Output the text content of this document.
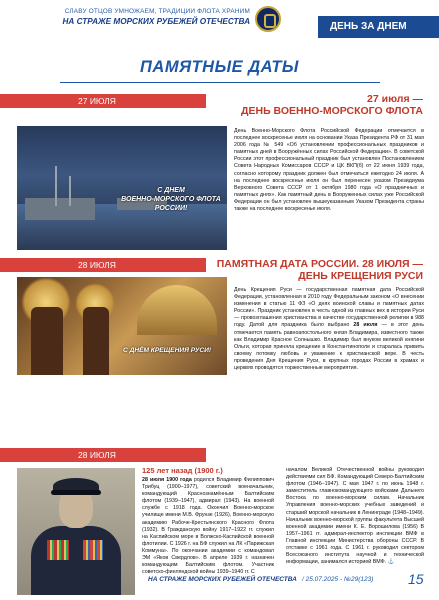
СЛАВУ ОТЦОВ УМНОЖАЕМ, ТРАДИЦИИ ФЛОТА ХРАНИМ
НА СТРАЖЕ МОРСКИХ РУБЕЖЕЙ ОТЕЧЕСТВА	ДЕНЬ ЗА ДНЕМ
ПАМЯТНЫЕ ДАТЫ
27 ИЮЛЯ	27 июля —
ДЕНЬ ВОЕННО-МОРСКОГО ФЛОТА
С ДНЕМ
ВОЕННО-МОРСКОГО ФЛОТА РОССИИ!
День Военно-Морского Флота Российской Федерации отмечается в последнее воскресенье июля на основании Указа Президента РФ от 31 мая 2006 года № 549 «Об установлении профессиональных праздников и памятных дней в Вооружённых силах Российской Федерации». В советской России этот профессиональный праздник был установлен Постановлением Совета Народных Комиссаров СССР и ЦК ВКП(б) от 22 июня 1939 года, согласно которому праздник должен был отмечаться ежегодно 24 июля. А на последнее воскресенье июля он был перенесен указом Президиума Верховного Совета СССР от 1 октября 1980 года «О праздничных и памятных днях». Как памятный день в Вооруженных силах уже Российской Федерации он был установлен вышеуказанным Указом Президента страны также на последнее воскресенье июля.
28 ИЮЛЯ	ПАМЯТНАЯ ДАТА РОССИИ. 28 ИЮЛЯ —
ДЕНЬ КРЕЩЕНИЯ РУСИ
С ДНЁМ КРЕЩЕНИЯ РУСИ!
День Крещения Руси — государственная памятная дата Российской Федерации, установленная в 2010 году Федеральным законом «О внесении изменения в статью 11 ФЗ «О днях воинской славы и памятных датах России». Праздник установлен в честь одной из главных вех в истории Руси — провозглашения христианства в качестве государственной религии в 988 году. Датой для праздника было выбрано 28 июля — в этот день отмечается память равноапостольного князя Владимира, известного также как Владимир Красное Солнышко. Владимир был внуком великой княгини Ольги, которая приняла крещение в Константинополе и старалась привить своему потомку любовь и уважение к христианской вере. В честь проведения Дня Крещения Руси, в крупных городах России в храмах и церквях проводятся торжественные мероприятия.
28 ИЮЛЯ
125 лет назад (1900 г.)
28 июля 1900 года родился Владимир Филиппович Трибуц (1900–1977), советский военачальник, командующий Краснознамённым Балтийским флотом (1939–1947), адмирал (1943). На военной службе с 1918 года. Окончил Военно-морское училище имени М.В. Фрунзе (1926), Военно-морскую академию Рабоче-Крестьянского Красного Флота (1932). В Гражданскую войну 1917–1922 гг. служил на Каспийском море в Волжско-Каспийской военной флотилии. С 1926 г. на БФ служил на ЛК «Парижская Коммуна». По окончании академии с командовал ЭМ «Яков Свердлов». В апреле 1939 г. назначен командующим Балтийским флотом. Участник советско-финляндской войны 1939–1940 гг. С
началом Великой Отечественной войны руководил действиями сил БФ. Командующий Северо-Балтийским флотом (1946–1947). С мая 1947 г. по июнь 1948 г. заместитель главнокомандующего войсками Дальнего Востока по военно-морским силам. Начальник Управления военно-морских учебных заведений и старший морской начальник в Ленинграде (1948–1949). Начальник военно-морской группы факультета Высшей военной академии имени К. Е. Ворошилова (1956) В 1957–1961 гг. адмирал-инспектор инспекции ВМФ в Главной инспекции Министерства обороны СССР. В отставке с 1961 года. С 1961 г. руководил сектором Всесоюзного института научной и технической информации, занимался историей ВМФ. ⚓
НА СТРАЖЕ МОРСКИХ РУБЕЖЕЙ ОТЕЧЕСТВА / 25.07.2025 - №29(123) 15
